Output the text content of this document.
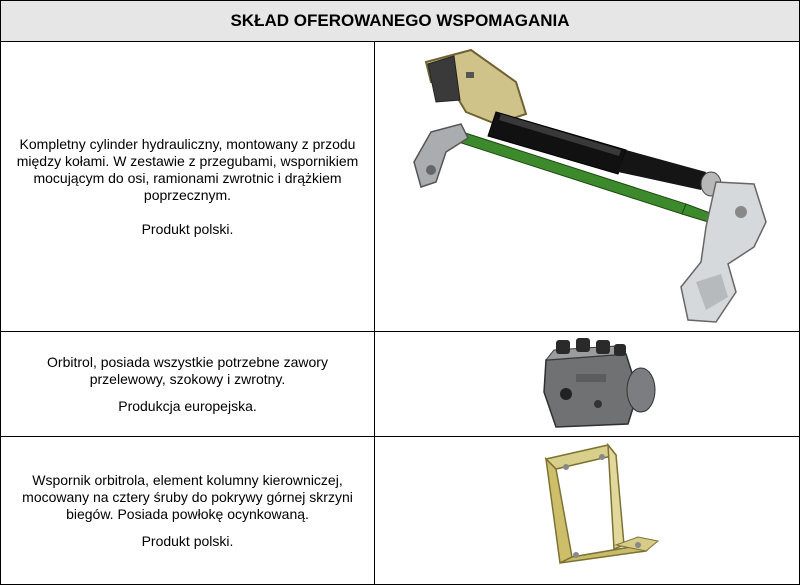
SKŁAD OFEROWANEGO WSPOMAGANIA

Kompletny cylinder hydrauliczny, montowany z przodu między kołami. W zestawie z przegubami, wspornikiem mocującym do osi, ramionami zwrotnic i drążkiem poprzecznym.

Produkt polski.

Orbitrol, posiada wszystkie potrzebne zawory przelewowy, szokowy i zwrotny.

Produkcja europejska.

Wspornik orbitrola, element kolumny kierowniczej, mocowany na cztery śruby do pokrywy górnej skrzyni biegów. Posiada powłokę ocynkowaną.

Produkt polski.
